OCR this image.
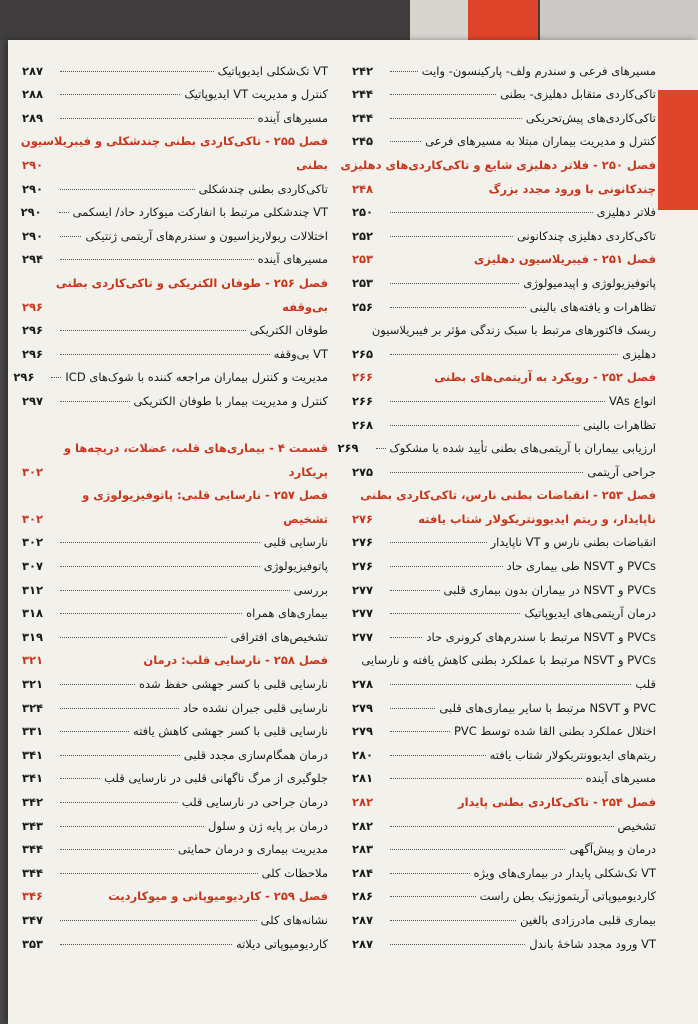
مسیرهای فرعی و سندرم ولف- پارکینسون- وایت
۲۴۲
تاکی‌کاردی متقابل دهلیزی- بطنی
۲۴۴
تاکی‌کاردی‌های پیش‌تحریکی
۲۴۴
کنترل و مدیریت بیماران مبتلا به مسیرهای فرعی
۲۴۵
فصل ۲۵۰ - فلاتر دهلیزی شایع و تاکی‌کاردی‌های دهلیزی
چندکانونی با ورود مجدد بزرگ
۲۴۸
فلاتر دهلیزی
۲۵۰
تاکی‌کاردی دهلیزی چندکانونی
۲۵۲
فصل ۲۵۱ - فیبریلاسیون دهلیزی
۲۵۳
پاتوفیزیولوژی و اپیدمیولوژی
۲۵۳
تظاهرات و یافته‌های بالینی
۲۵۶
ریسک فاکتورهای مرتبط با سبک زندگی مؤثر بر فیبریلاسیون
دهلیزی
۲۶۵
فصل ۲۵۲ - رویکرد به آریتمی‌های بطنی
۲۶۶
انواع VAs
۲۶۶
تظاهرات بالینی
۲۶۸
ارزیابی بیماران با آریتمی‌های بطنی تأیید شده یا مشکوک
۲۶۹
جراحی آریتمی
۲۷۵
فصل ۲۵۳ - انقباضات بطنی نارس، تاکی‌کاردی بطنی
ناپایدار، و ریتم ایدیوونتریکولار شتاب یافته
۲۷۶
انقباضات بطنی نارس و VT ناپایدار
۲۷۶
PVCs و NSVT طی بیماری حاد
۲۷۶
PVCs و NSVT در بیماران بدون بیماری قلبی
۲۷۷
درمان آریتمی‌های ایدیوپاتیک
۲۷۷
PVCs و NSVT مرتبط با سندرم‌های کرونری حاد
۲۷۷
PVCs و NSVT مرتبط با عملکرد بطنی کاهش یافته و نارسایی
قلب
۲۷۸
PVC و NSVT مرتبط با سایر بیماری‌های قلبی
۲۷۹
اختلال عملکرد بطنی القا شده توسط PVC
۲۷۹
ریتم‌های ایدیوونتریکولار شتاب یافته
۲۸۰
مسیرهای آینده
۲۸۱
فصل ۲۵۴ - تاکی‌کاردی بطنی پایدار
۲۸۲
تشخیص
۲۸۲
درمان و پیش‌آگهی
۲۸۳
VT تک‌شکلی پایدار در بیماری‌های ویژه
۲۸۴
کاردیومیوپاتی آریتموژنیک بطن راست
۲۸۶
بیماری قلبی مادرزادی بالغین
۲۸۷
VT ورود مجدد شاخهٔ باندل
۲۸۷
VT تک‌شکلی ایدیوپاتیک
۲۸۷
کنترل و مدیریت VT ایدیوپاتیک
۲۸۸
مسیرهای آینده
۲۸۹
فصل ۲۵۵ - تاکی‌کاردی بطنی چندشکلی و فیبریلاسیون
بطنی
۲۹۰
تاکی‌کاردی بطنی چندشکلی
۲۹۰
VT چندشکلی مرتبط با انفارکت میوکارد حاد/ ایسکمی
۲۹۰
اختلالات ریولاریزاسیون و سندرم‌های آریتمی ژنتیکی
۲۹۰
مسیرهای آینده
۲۹۴
فصل ۲۵۶ - طوفان الکتریکی و تاکی‌کاردی بطنی
بی‌وقفه
۲۹۶
طوفان الکتریکی
۲۹۶
VT بی‌وقفه
۲۹۶
مدیریت و کنترل بیماران مراجعه کننده با شوک‌های ICD
۲۹۶
کنترل و مدیریت بیمار با طوفان الکتریکی
۲۹۷
قسمت ۴ - بیماری‌های قلب، عضلات، دریچه‌ها و
پریکارد
۳۰۲
فصل ۲۵۷ - نارسایی قلبی: پاتوفیزیولوژی و
تشخیص
۳۰۲
نارسایی قلبی
۳۰۲
پاتوفیزیولوژی
۳۰۷
بررسی
۳۱۲
بیماری‌های همراه
۳۱۸
تشخیص‌های افتراقی
۳۱۹
فصل ۲۵۸ - نارسایی قلب: درمان
۳۲۱
نارسایی قلبی با کسر جهشی حفظ شده
۳۲۱
نارسایی قلبی جبران نشده حاد
۳۲۴
نارسایی قلبی با کسر جهشی کاهش یافته
۳۳۱
درمان همگام‌سازی مجدد قلبی
۳۴۱
جلوگیری از مرگ ناگهانی قلبی در نارسایی قلب
۳۴۱
درمان جراحی در نارسایی قلب
۳۴۲
درمان بر پایه ژن و سلول
۳۴۳
مدیریت بیماری و درمان حمایتی
۳۴۴
ملاحظات کلی
۳۴۴
فصل ۲۵۹ - کاردیومیوپاتی و میوکاردیت
۳۴۶
نشانه‌های کلی
۳۴۷
کاردیومیوپاتی دیلاته
۳۵۳
